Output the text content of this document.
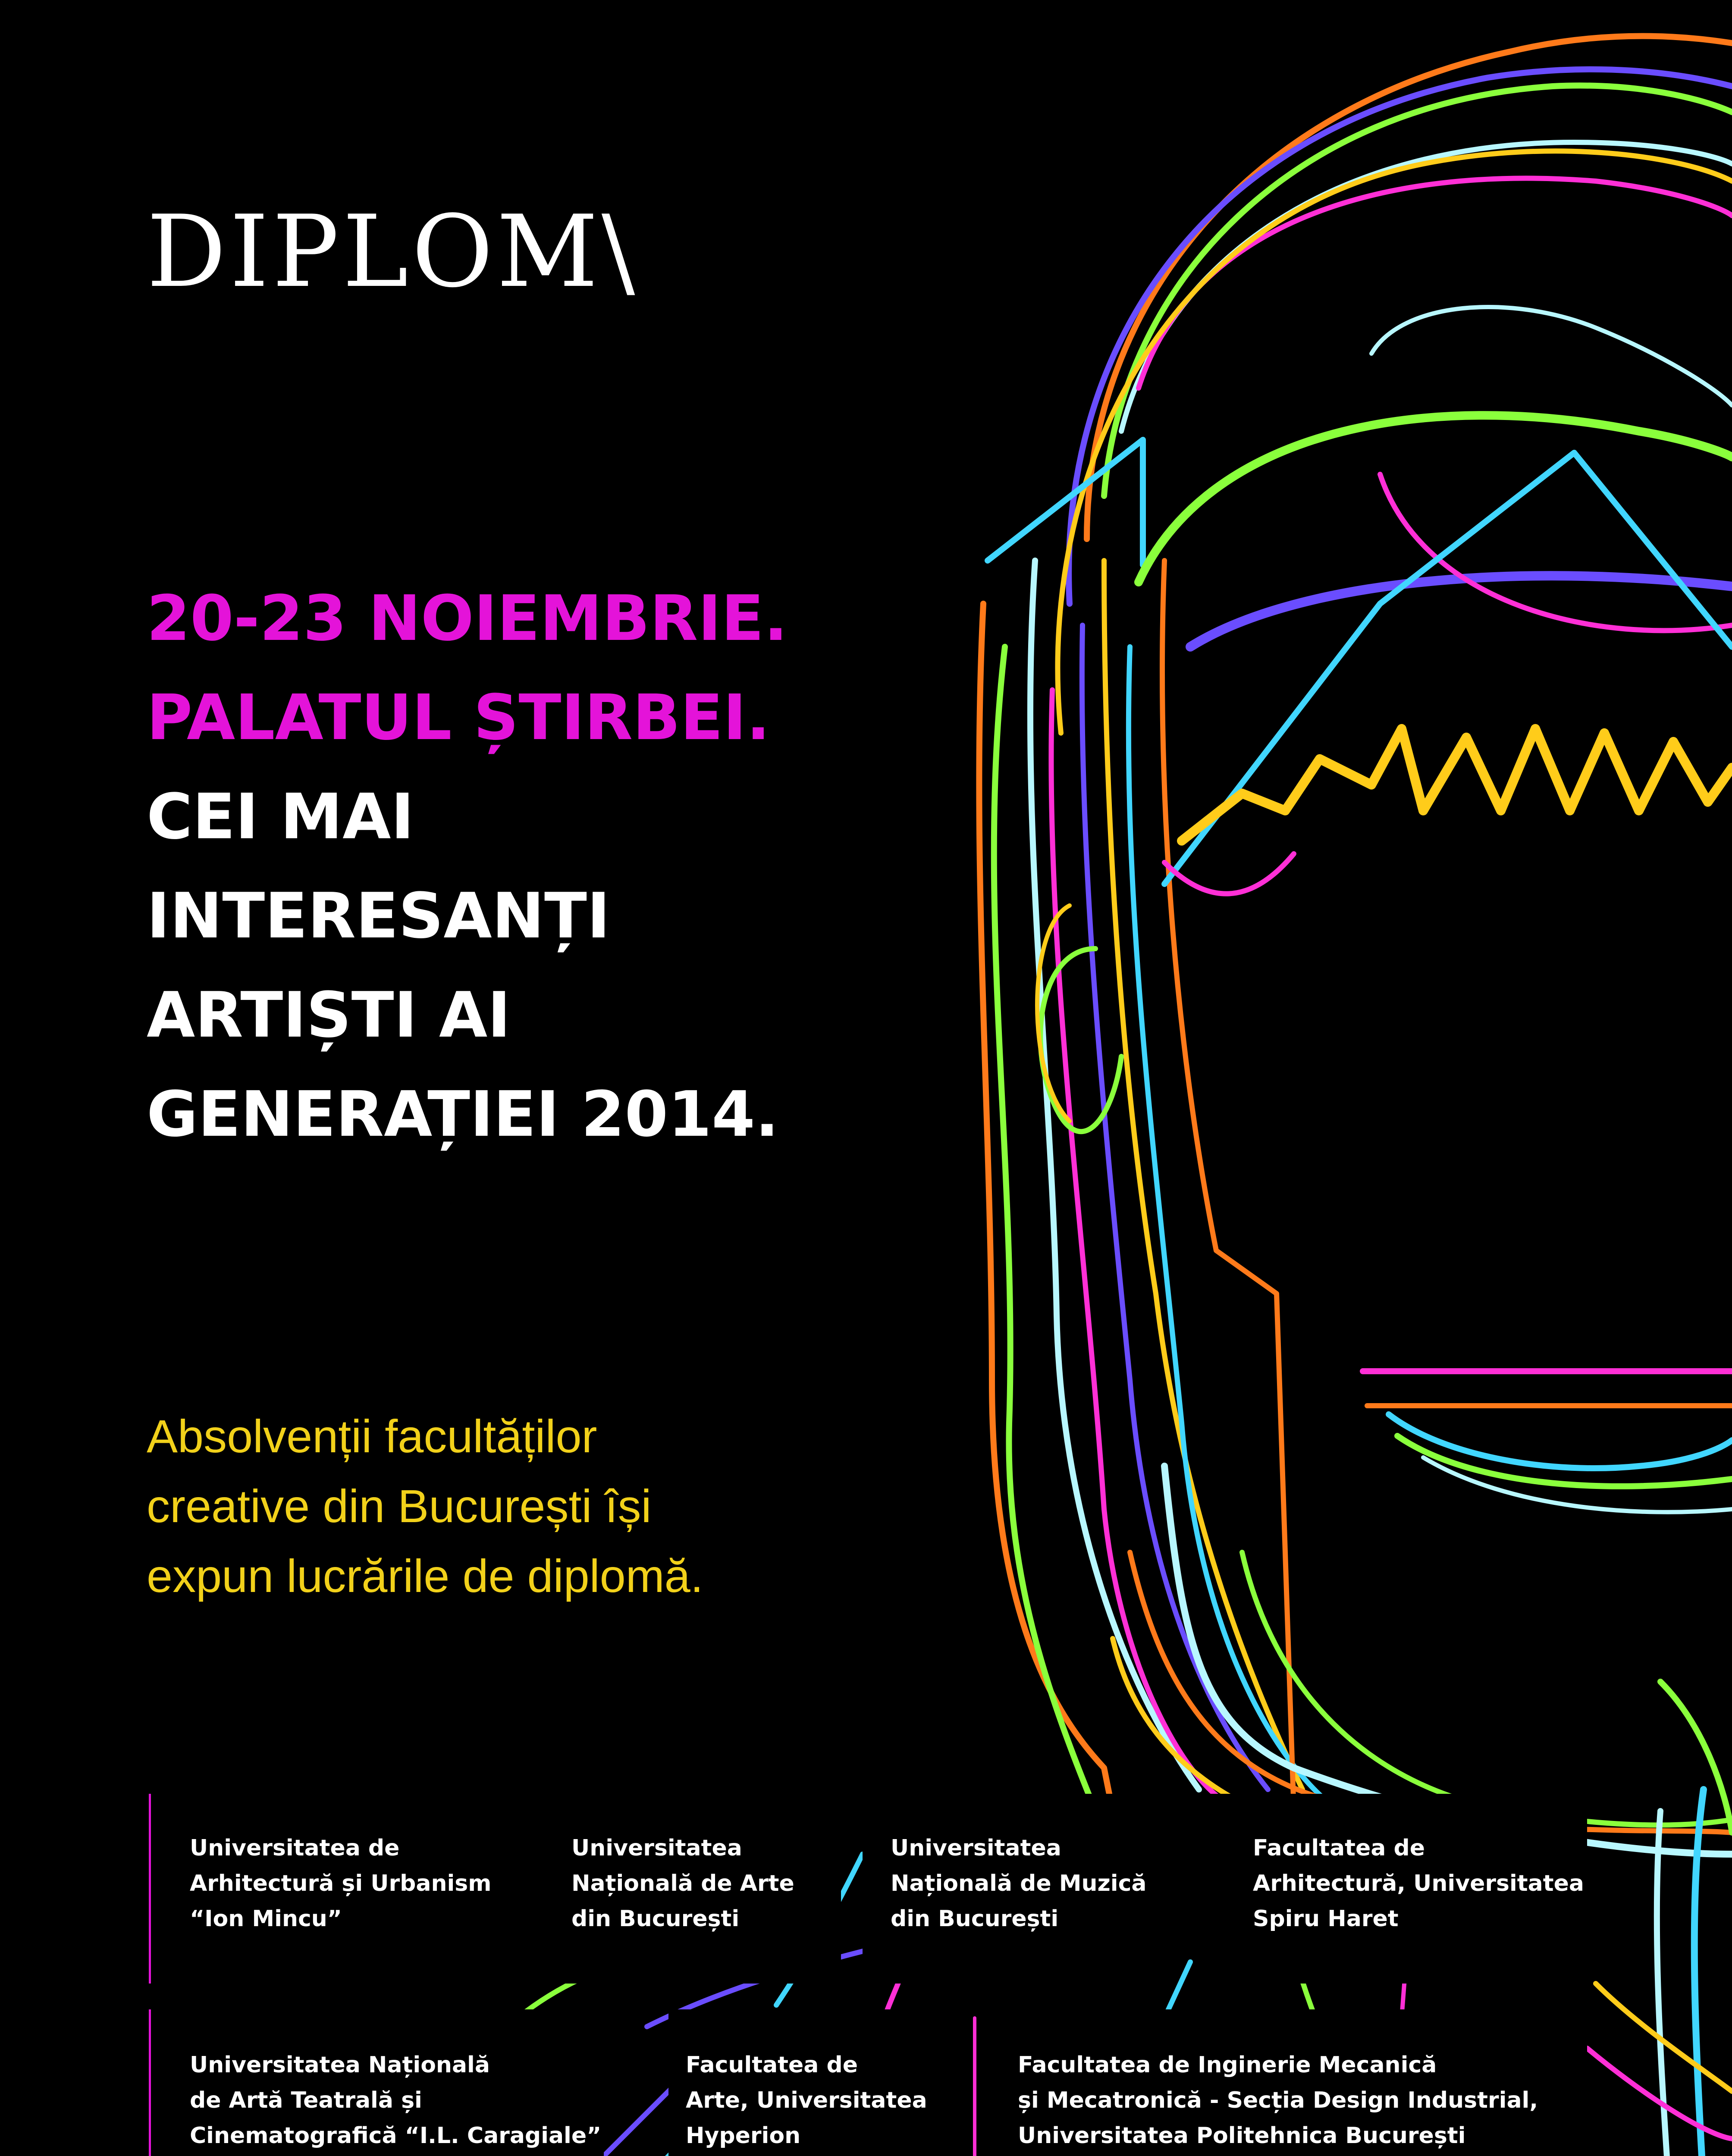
DIPLOM\
20-23 NOIEMBRIE.
PALATUL ȘTIRBEI.
CEI MAI
INTERESANȚI
ARTIȘTI AI
GENERAȚIEI 2014.
Absolvenții facultăților
creative din București își
expun lucrările de diplomă.
Universitatea de
Arhitectură și Urbanism
“Ion Mincu”
Universitatea
Națională de Arte
din București
Universitatea
Națională de Muzică
din București
Facultatea de
Arhitectură, Universitatea
Spiru Haret
Universitatea Națională
de Artă Teatrală și
Cinematografică “I.L. Caragiale”
Facultatea de
Arte, Universitatea
Hyperion
Facultatea de Inginerie Mecanică
și Mecatronică - Secția Design Industrial,
Universitatea Politehnica București
